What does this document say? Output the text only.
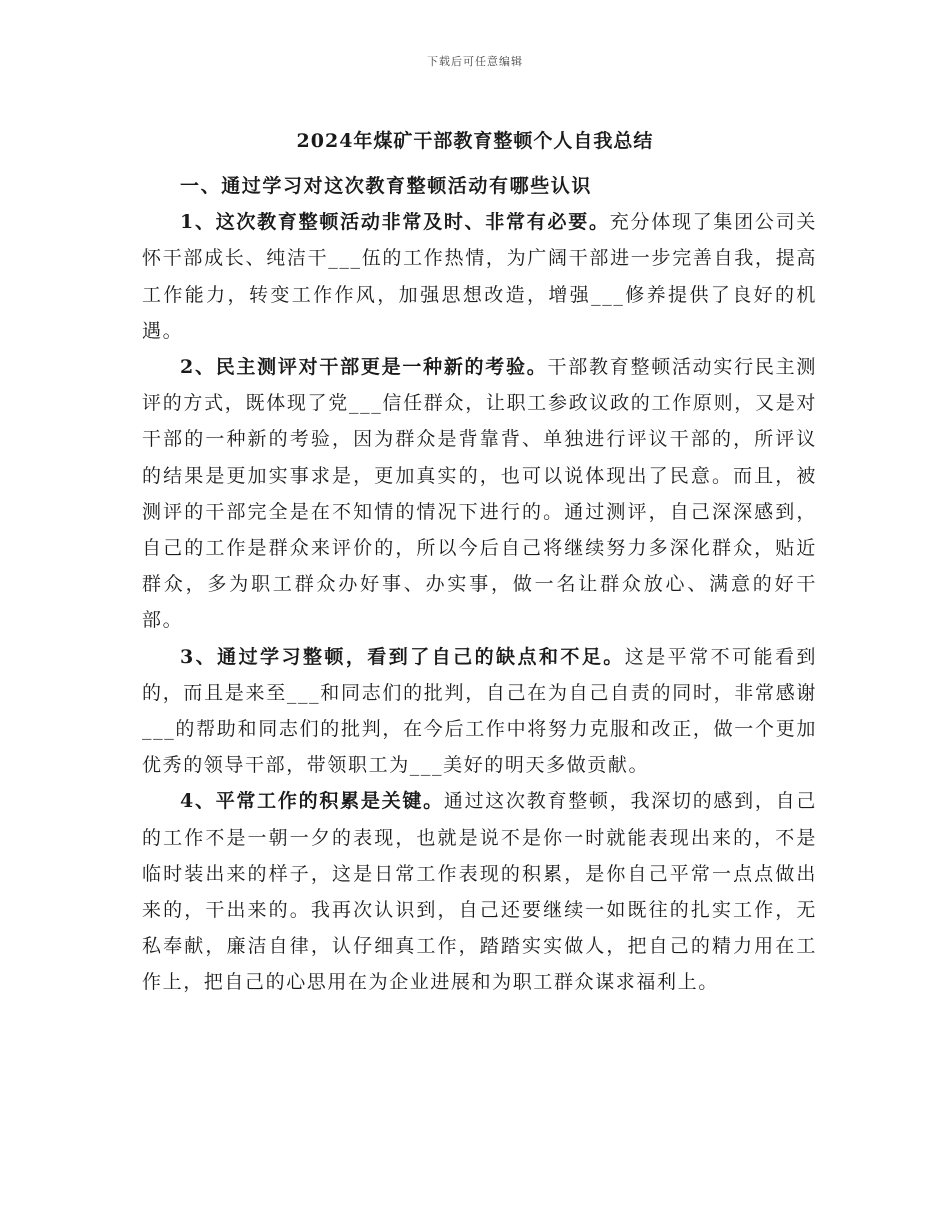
下载后可任意编辑
2024年煤矿干部教育整顿个人自我总结

一、通过学习对这次教育整顿活动有哪些认识

1、这次教育整顿活动非常及时、非常有必要。充分体现了集团公司关怀干部成长、纯洁干___伍的工作热情，为广阔干部进一步完善自我，提高工作能力，转变工作作风，加强思想改造，增强___修养提供了良好的机遇。

2、民主测评对干部更是一种新的考验。干部教育整顿活动实行民主测评的方式，既体现了党___信任群众，让职工参政议政的工作原则，又是对干部的一种新的考验，因为群众是背靠背、单独进行评议干部的，所评议的结果是更加实事求是，更加真实的，也可以说体现出了民意。而且，被测评的干部完全是在不知情的情况下进行的。通过测评，自己深深感到，自己的工作是群众来评价的，所以今后自己将继续努力多深化群众，贴近群众，多为职工群众办好事、办实事，做一名让群众放心、满意的好干部。

3、通过学习整顿，看到了自己的缺点和不足。这是平常不可能看到的，而且是来至___和同志们的批判，自己在为自己自责的同时，非常感谢___的帮助和同志们的批判，在今后工作中将努力克服和改正，做一个更加优秀的领导干部，带领职工为___美好的明天多做贡献。

4、平常工作的积累是关键。通过这次教育整顿，我深切的感到，自己的工作不是一朝一夕的表现，也就是说不是你一时就能表现出来的，不是临时装出来的样子，这是日常工作表现的积累，是你自己平常一点点做出来的，干出来的。我再次认识到，自己还要继续一如既往的扎实工作，无私奉献，廉洁自律，认仔细真工作，踏踏实实做人，把自己的精力用在工作上，把自己的心思用在为企业进展和为职工群众谋求福利上。
